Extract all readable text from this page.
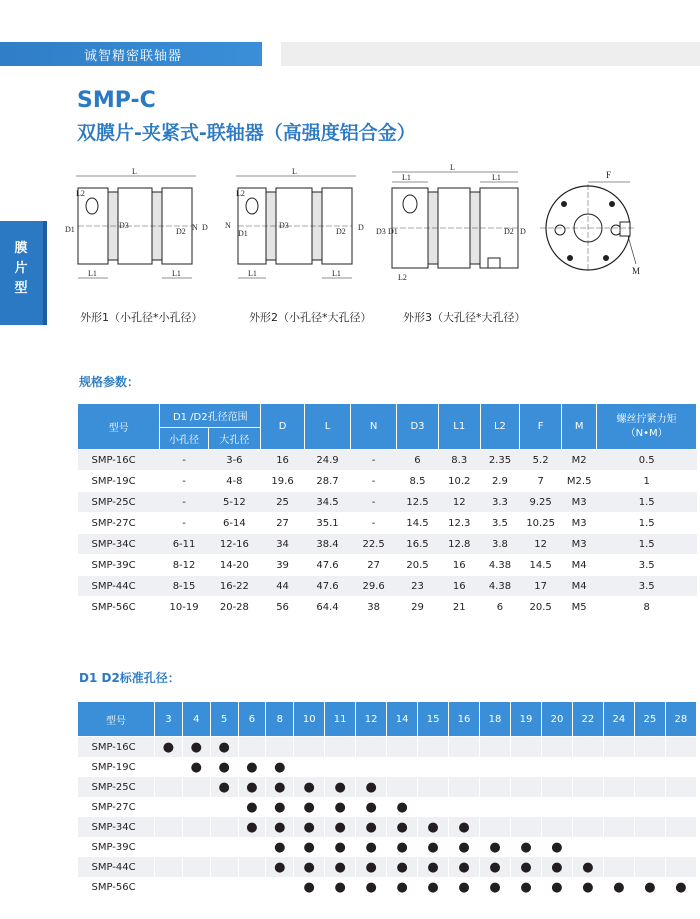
诚智精密联轴器
膜片型
SMP-C
双膜片-夹紧式-联轴器（高强度铝合金）
L
L2
L1	L1
D1	D3
D2 N D
外形1（小孔径*小孔径）
L
L2
L1	L1
N
D1
D3
D2 D
外形2（小孔径*大孔径）
L
L1	L1
L2
D3 D1	D2 D
外形3（大孔径*大孔径）
F
M
规格参数：
型号	D1 /D2孔径范围		D	L	N	D3	L1	L2	F	M	螺丝拧紧力矩（N•M）
	小孔径	大孔径									
SMP-16C	-	3-6	16	24.9	-	6	8.3	2.35	5.2	M2	0.5
SMP-19C	-	4-8	19.6	28.7	-	8.5	10.2	2.9	7	M2.5	1
SMP-25C	-	5-12	25	34.5	-	12.5	12	3.3	9.25	M3	1.5
SMP-27C	-	6-14	27	35.1	-	14.5	12.3	3.5	10.25	M3	1.5
SMP-34C	6-11	12-16	34	38.4	22.5	16.5	12.8	3.8	12	M3	1.5
SMP-39C	8-12	14-20	39	47.6	27	20.5	16	4.38	14.5	M4	3.5
SMP-44C	8-15	16-22	44	47.6	29.6	23	16	4.38	17	M4	3.5
SMP-56C	10-19	20-28	56	64.4	38	29	21	6	20.5	M5	8
D1 D2标准孔径：
型号	3	4	5	6	8	10	11	12	14	15	16	18	19	20	22	24	25	28
SMP-16C	●	●	●															
SMP-19C		●	●	●	●													
SMP-25C			●	●	●	●	●	●										
SMP-27C				●	●	●	●	●	●									
SMP-34C				●	●	●	●	●	●	●	●							
SMP-39C					●	●	●	●	●	●	●	●	●	●				
SMP-44C					●	●	●	●	●	●	●	●	●	●	●			
SMP-56C						●	●	●	●	●	●	●	●	●	●	●	●	●
